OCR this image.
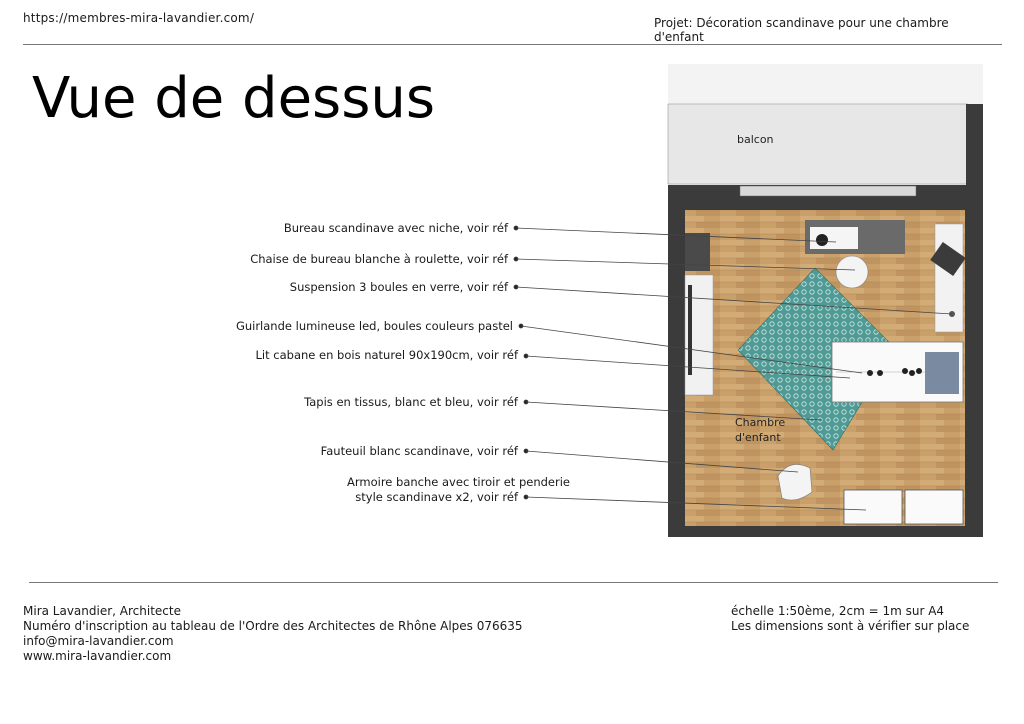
https://membres-mira-lavandier.com/	Projet: Décoration scandinave pour une chambre d'enfant
Vue de dessus
Bureau scandinave avec niche, voir réf
Chaise de bureau blanche à roulette, voir réf
Suspension 3 boules en verre, voir réf
Guirlande lumineuse led, boules couleurs pastel
Lit cabane en bois naturel 90x190cm, voir réf
Tapis en tissus, blanc et bleu, voir réf
Fauteuil blanc scandinave, voir réf
Armoire banche avec tiroir et penderie
style scandinave x2, voir réf
balcon
Chambre
d'enfant
Mira Lavandier, Architecte
Numéro d'inscription au tableau de l'Ordre des Architectes de Rhône Alpes 076635
info@mira-lavandier.com
www.mira-lavandier.com
échelle 1:50ème, 2cm = 1m sur A4
Les dimensions sont à vérifier sur place
